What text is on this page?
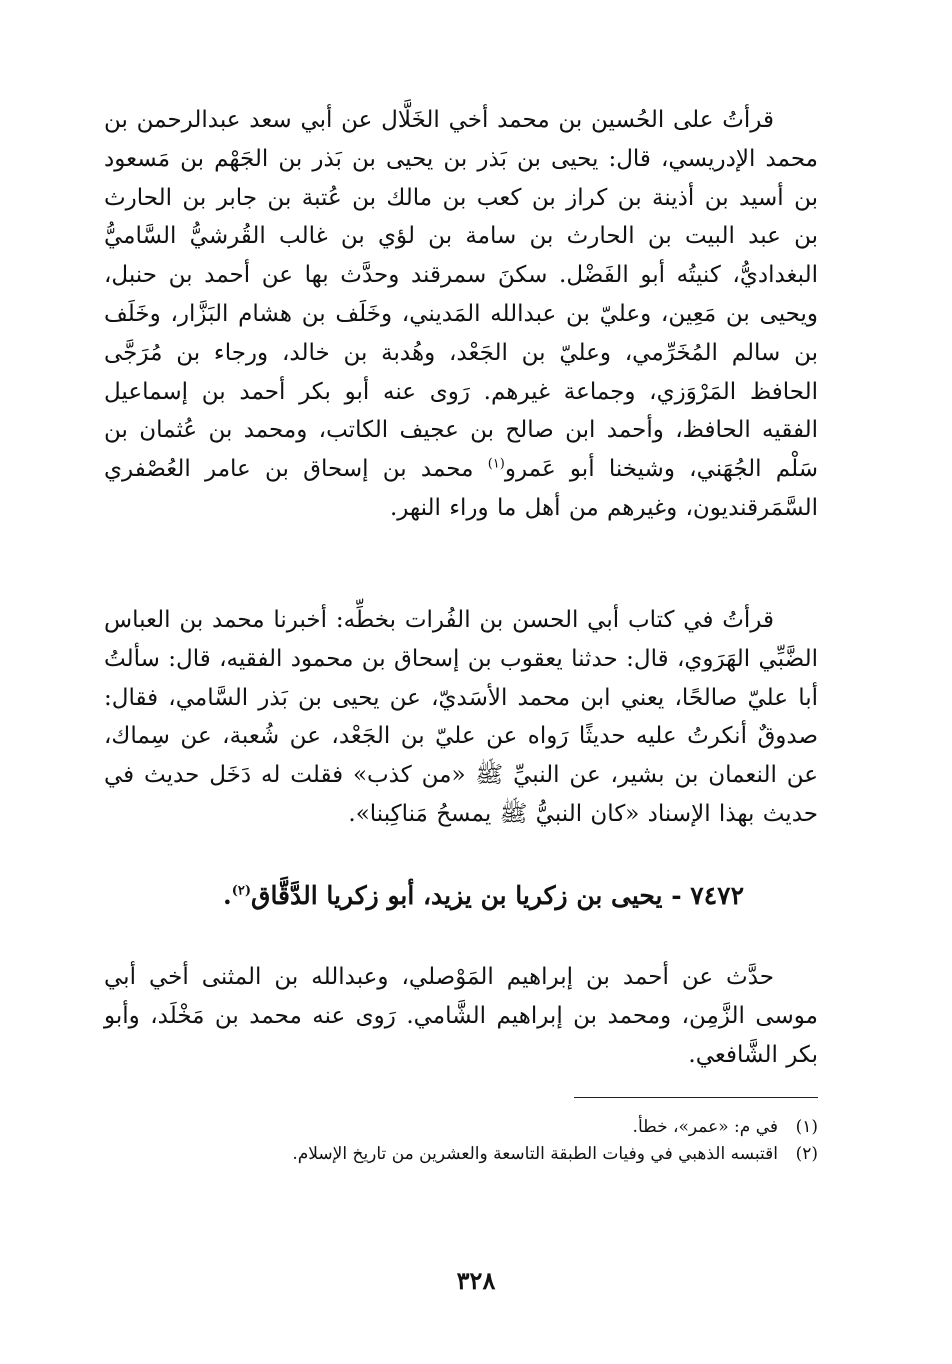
قرأتُ على الحُسين بن محمد أخي الخَلَّال عن أبي سعد عبدالرحمن بن محمد الإدريسي، قال: يحيى بن بَذر بن يحيى بن بَذر بن الجَهْم بن مَسعود بن أسيد بن أذينة بن كراز بن كعب بن مالك بن عُتبة بن جابر بن الحارث بن عبد البيت بن الحارث بن سامة بن لؤي بن غالب القُرشيُّ السَّاميُّ البغداديُّ، كنيتُه أبو الفَضْل. سكنَ سمرقند وحدَّث بها عن أحمد بن حنبل، ويحيى بن مَعِين، وعليّ بن عبدالله المَديني، وخَلَف بن هشام البَزَّار، وخَلَف بن سالم المُخَرِّمي، وعليّ بن الجَعْد، وهُدبة بن خالد، ورجاء بن مُرَجَّى الحافظ المَرْوَزي، وجماعة غيرهم. رَوى عنه أبو بكر أحمد بن إسماعيل الفقيه الحافظ، وأحمد ابن صالح بن عجيف الكاتب، ومحمد بن عُثمان بن سَلْم الجُهَني، وشيخنا أبو عَمرو$^{(١)}$ محمد بن إسحاق بن عامر العُصْفري السَّمَرقنديون، وغيرهم من أهل ما وراء النهر.

قرأتُ في كتاب أبي الحسن بن الفُرات بخطِّه: أخبرنا محمد بن العباس الضَّبِّي الهَرَوي، قال: حدثنا يعقوب بن إسحاق بن محمود الفقيه، قال: سألتُ أبا عليّ صالحًا، يعني ابن محمد الأسَديّ، عن يحيى بن بَذر السَّامي، فقال: صدوقٌ أنكرتُ عليه حديثًا رَواه عن عليّ بن الجَعْد، عن شُعبة، عن سِماك، عن النعمان بن بشير، عن النبيِّ ﷺ «من كذب» فقلت له دَخَل حديث في حديث بهذا الإسناد «كان النبيُّ ﷺ يمسحُ مَناكِبنا».

٧٤٧٢ - يحيى بن زكريا بن يزيد، أبو زكريا الدَّقَّاق$^{(٢)}$.

حدَّث عن أحمد بن إبراهيم المَوْصلي، وعبدالله بن المثنى أخي أبي موسى الزَّمِن، ومحمد بن إبراهيم الشَّامي. رَوى عنه محمد بن مَخْلَد، وأبو بكر الشَّافعي.

(١)في م: «عمر»، خطأ.

(٢)اقتبسه الذهبي في وفيات الطبقة التاسعة والعشرين من تاريخ الإسلام.

٣٢٨
